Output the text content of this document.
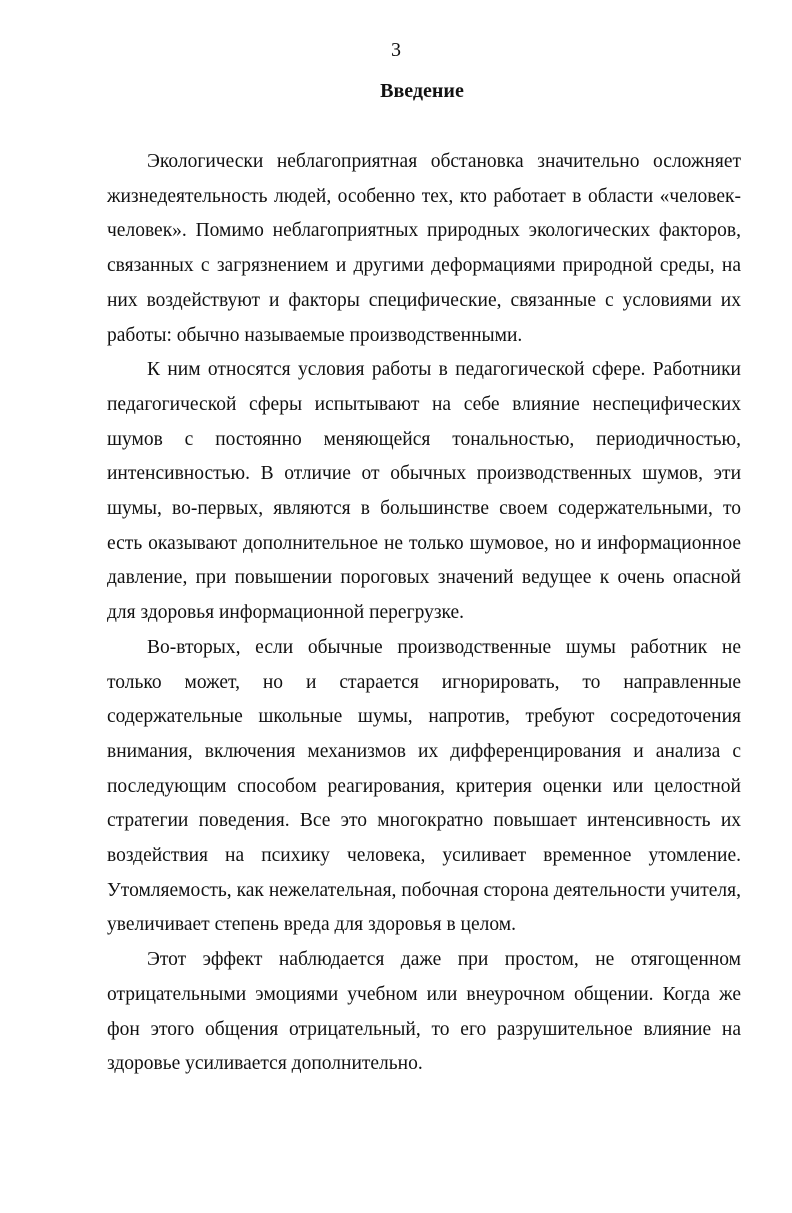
3
Введение

Экологически неблагоприятная обстановка значительно осложняет жизнедеятельность людей, особенно тех, кто работает в области «человек-человек». Помимо неблагоприятных природных экологических факторов, связанных с загрязнением и другими деформациями природной среды, на них воздействуют и факторы специфические, связанные с условиями их работы: обычно называемые производственными.

К ним относятся условия работы в педагогической сфере. Работники педагогической сферы испытывают на себе влияние неспецифических шумов с постоянно меняющейся тональностью, периодичностью, интенсивностью. В отличие от обычных производственных шумов, эти шумы, во-первых, являются в большинстве своем содержательными, то есть оказывают дополнительное не только шумовое, но и информационное давление, при повышении пороговых значений ведущее к очень опасной для здоровья информационной перегрузке.

Во-вторых, если обычные производственные шумы работник не только может, но и старается игнорировать, то направленные содержательные школьные шумы, напротив, требуют сосредоточения внимания, включения механизмов их дифференцирования и анализа с последующим способом реагирования, критерия оценки или целостной стратегии поведения. Все это многократно повышает интенсивность их воздействия на психику человека, усиливает временное утомление. Утомляемость, как нежелательная, побочная сторона деятельности учителя, увеличивает степень вреда для здоровья в целом.

Этот эффект наблюдается даже при простом, не отягощенном отрицательными эмоциями учебном или внеурочном общении. Когда же фон этого общения отрицательный, то его разрушительное влияние на здоровье усиливается дополнительно.
